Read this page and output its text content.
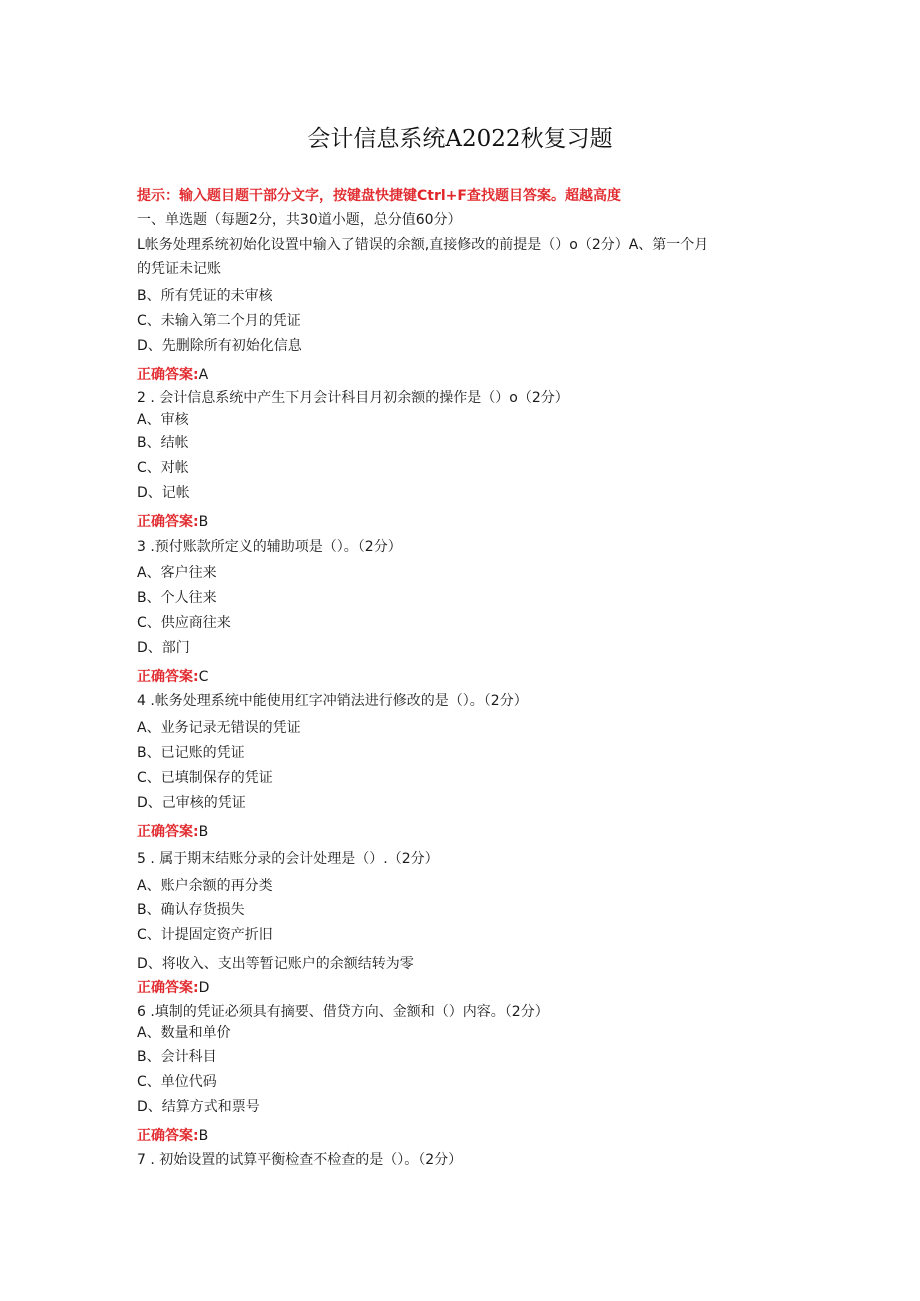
会计信息系统A2022秋复习题
提示：输入题目题干部分文字，按键盘快捷键Ctrl+F查找题目答案。超越高度
一、单选题（每题2分，共30道小题，总分值60分）
L帐务处理系统初始化设置中输入了错误的余额,直接修改的前提是（）o（2分）A、第一个月
的凭证未记账
B、所有凭证的未审核
C、未输入第二个月的凭证
D、先删除所有初始化信息
正确答案:A
2 . 会计信息系统中产生下月会计科目月初余额的操作是（）o（2分）
A、审核
B、结帐
C、对帐
D、记帐
正确答案:B
3 .预付账款所定义的辅助项是（）。（2分）
A、客户往来
B、个人往来
C、供应商往来
D、部门
正确答案:C
4 .帐务处理系统中能使用红字冲销法进行修改的是（）。（2分）
A、业务记录无错误的凭证
B、已记账的凭证
C、已填制保存的凭证
D、己审核的凭证
正确答案:B
5 . 属于期末结账分录的会计处理是（）.（2分）
A、账户余额的再分类
B、确认存货损失
C、计提固定资产折旧
D、将收入、支出等暂记账户的余额结转为零
正确答案:D
6 .填制的凭证必须具有摘要、借贷方向、金额和（）内容。（2分）
A、数量和单价
B、会计科目
C、单位代码
D、结算方式和票号
正确答案:B
7 . 初始设置的试算平衡检查不检查的是（）。（2分）
